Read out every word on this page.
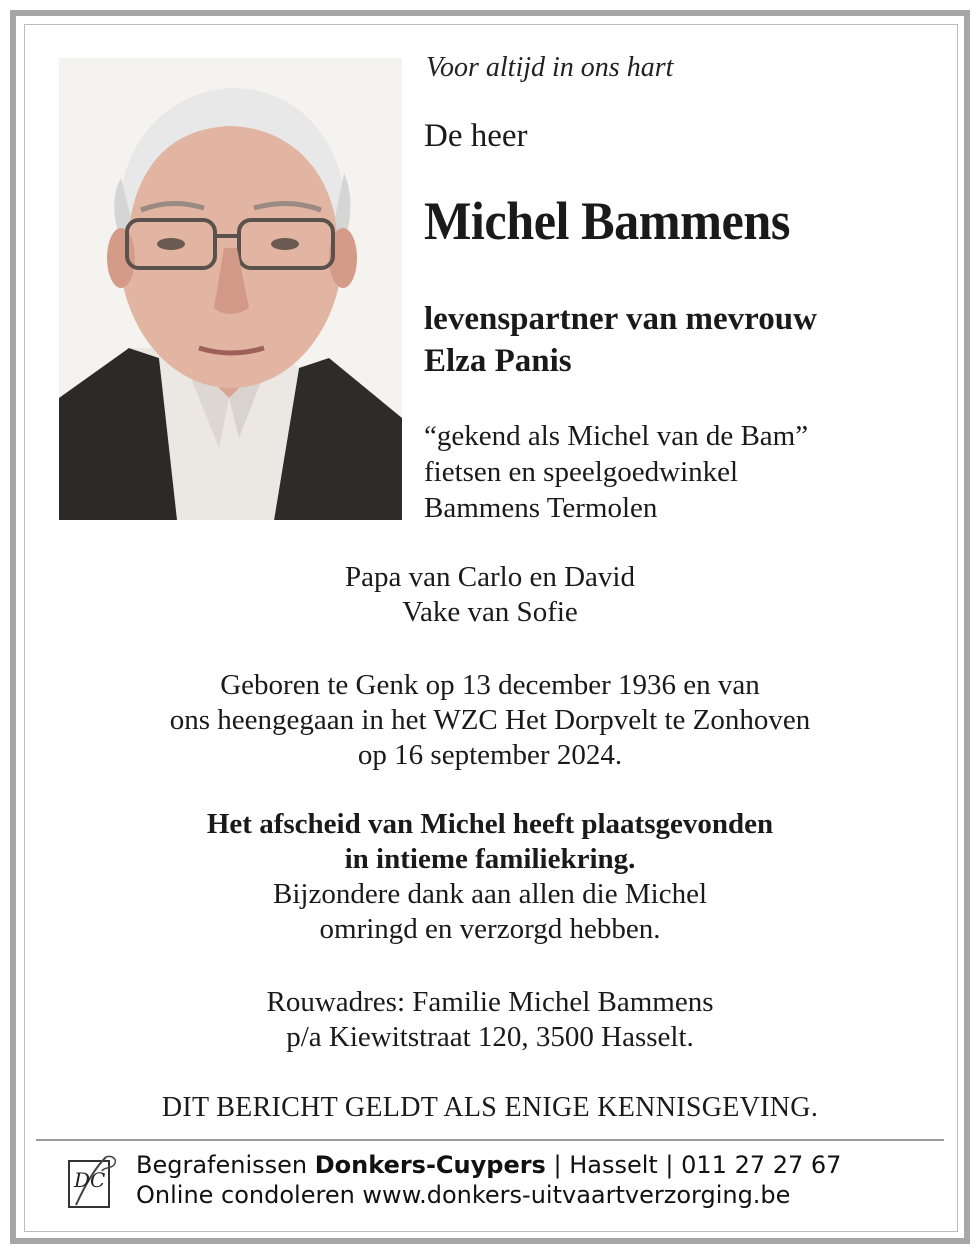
Voor altijd in ons hart
De heer
Michel Bammens
levenspartner van mevrouw
Elza Panis
“gekend als Michel van de Bam”
fietsen en speelgoedwinkel
Bammens Termolen
Papa van Carlo en David
Vake van Sofie
Geboren te Genk op 13 december 1936 en van
ons heengegaan in het WZC Het Dorpvelt te Zonhoven
op 16 september 2024.
Het afscheid van Michel heeft plaatsgevonden
in intieme familiekring.
Bijzondere dank aan allen die Michel
omringd en verzorgd hebben.
Rouwadres: Familie Michel Bammens
p/a Kiewitstraat 120, 3500 Hasselt.
DIT BERICHT GELDT ALS ENIGE KENNISGEVING.
DC
Begrafenissen Donkers-Cuypers | Hasselt | 011 27 27 67
Online condoleren www.donkers-uitvaartverzorging.be
